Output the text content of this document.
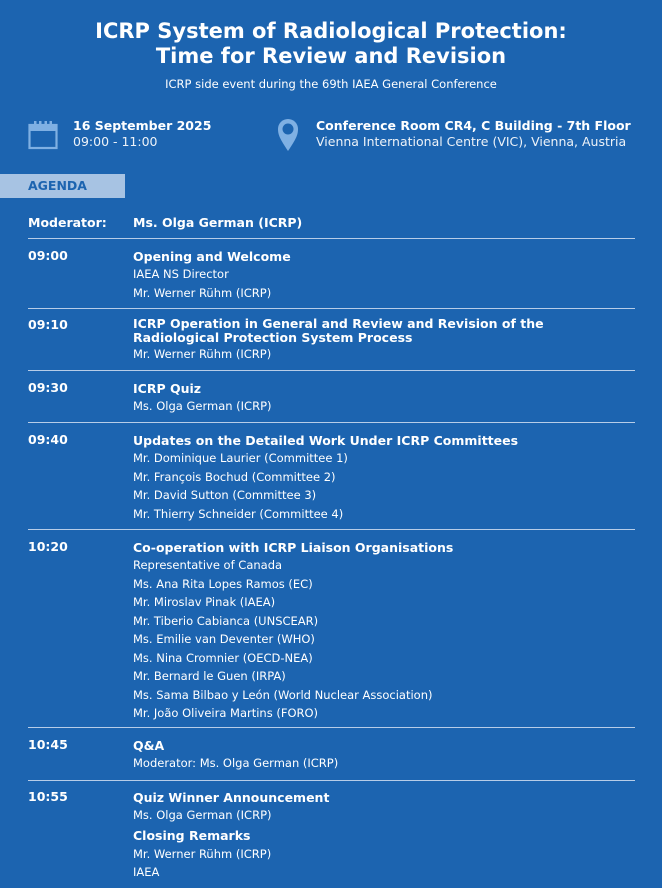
ICRP System of Radiological Protection:
Time for Review and Revision
ICRP side event during the 69th IAEA General Conference
16 September 2025
09:00 - 11:00
Conference Room CR4, C Building - 7th Floor
Vienna International Centre (VIC), Vienna, Austria
AGENDA
Moderator: Ms. Olga German (ICRP)
09:00	Opening and Welcome

IAEA NS Director

Mr. Werner Rühm (ICRP)

09:10	ICRP Operation in General and Review and Revision of the

Radiological Protection System Process

Mr. Werner Rühm (ICRP)

09:30	ICRP Quiz

Ms. Olga German (ICRP)

09:40	Updates on the Detailed Work Under ICRP Committees

Mr. Dominique Laurier (Committee 1)

Mr. François Bochud (Committee 2)

Mr. David Sutton (Committee 3)

Mr. Thierry Schneider (Committee 4)

10:20	Co-operation with ICRP Liaison Organisations

Representative of Canada

Ms. Ana Rita Lopes Ramos (EC)

Mr. Miroslav Pinak (IAEA)

Mr. Tiberio Cabianca (UNSCEAR)

Ms. Emilie van Deventer (WHO)

Ms. Nina Cromnier (OECD-NEA)

Mr. Bernard le Guen (IRPA)

Ms. Sama Bilbao y León (World Nuclear Association)

Mr. João Oliveira Martins (FORO)

10:45	Q&A

Moderator: Ms. Olga German (ICRP)

10:55	Quiz Winner Announcement

Ms. Olga German (ICRP)

Closing Remarks

Mr. Werner Rühm (ICRP)

IAEA
